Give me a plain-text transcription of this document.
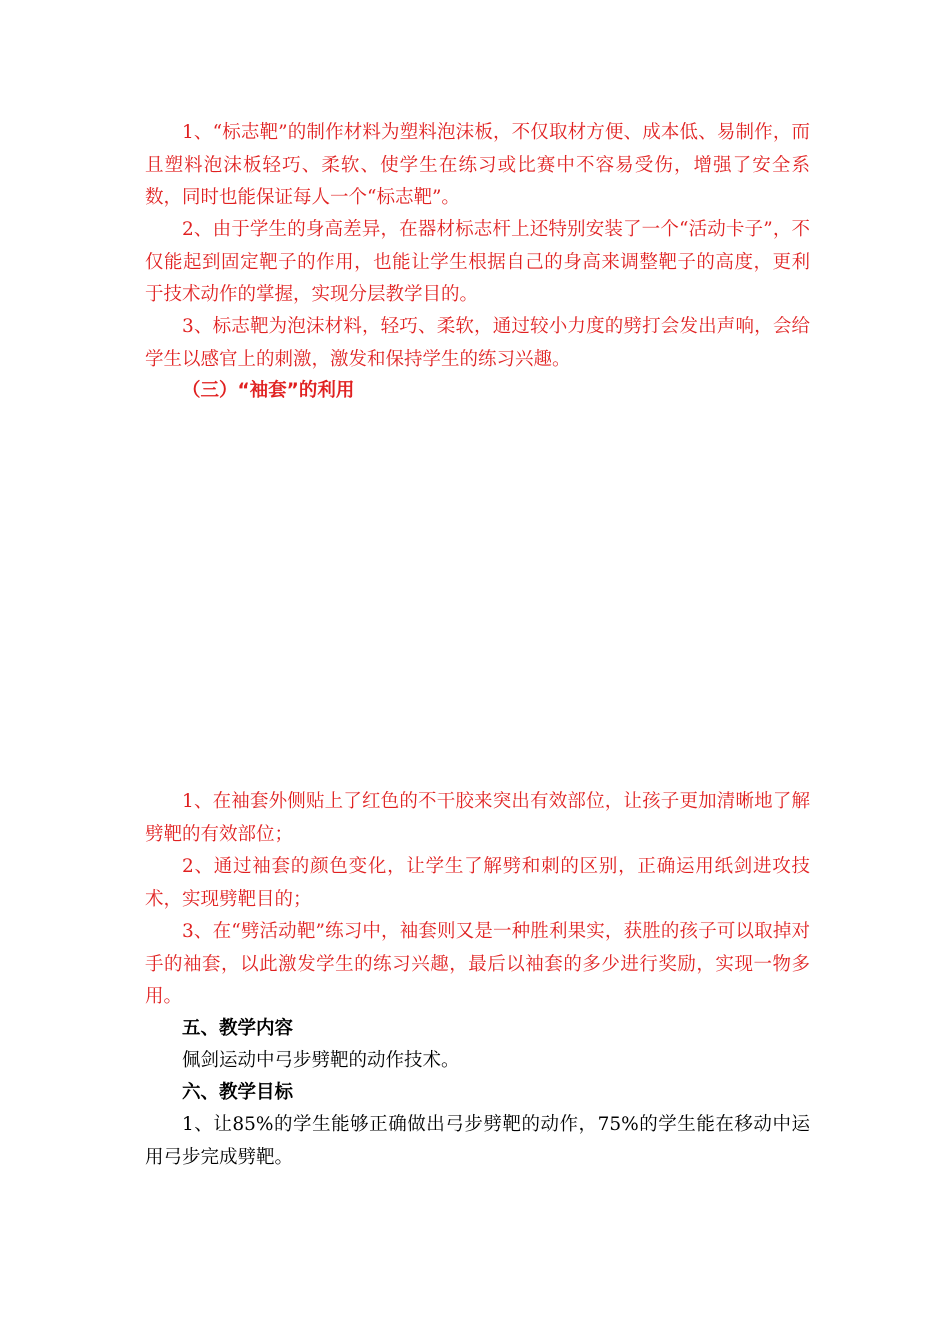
1、“标志靶”的制作材料为塑料泡沫板，不仅取材方便、成本低、易制作，而且塑料泡沫板轻巧、柔软、使学生在练习或比赛中不容易受伤，增强了安全系数，同时也能保证每人一个“标志靶”。

2、由于学生的身高差异，在器材标志杆上还特别安装了一个“活动卡子”，不仅能起到固定靶子的作用，也能让学生根据自己的身高来调整靶子的高度，更利于技术动作的掌握，实现分层教学目的。

3、标志靶为泡沫材料，轻巧、柔软，通过较小力度的劈打会发出声响，会给学生以感官上的刺激，激发和保持学生的练习兴趣。

（三）“袖套”的利用

1、在袖套外侧贴上了红色的不干胶来突出有效部位，让孩子更加清晰地了解劈靶的有效部位；

2、通过袖套的颜色变化，让学生了解劈和刺的区别，正确运用纸剑进攻技术，实现劈靶目的；

3、在“劈活动靶”练习中，袖套则又是一种胜利果实，获胜的孩子可以取掉对手的袖套，以此激发学生的练习兴趣，最后以袖套的多少进行奖励，实现一物多用。

五、教学内容

佩剑运动中弓步劈靶的动作技术。

六、教学目标

1、让85%的学生能够正确做出弓步劈靶的动作，75%的学生能在移动中运用弓步完成劈靶。
